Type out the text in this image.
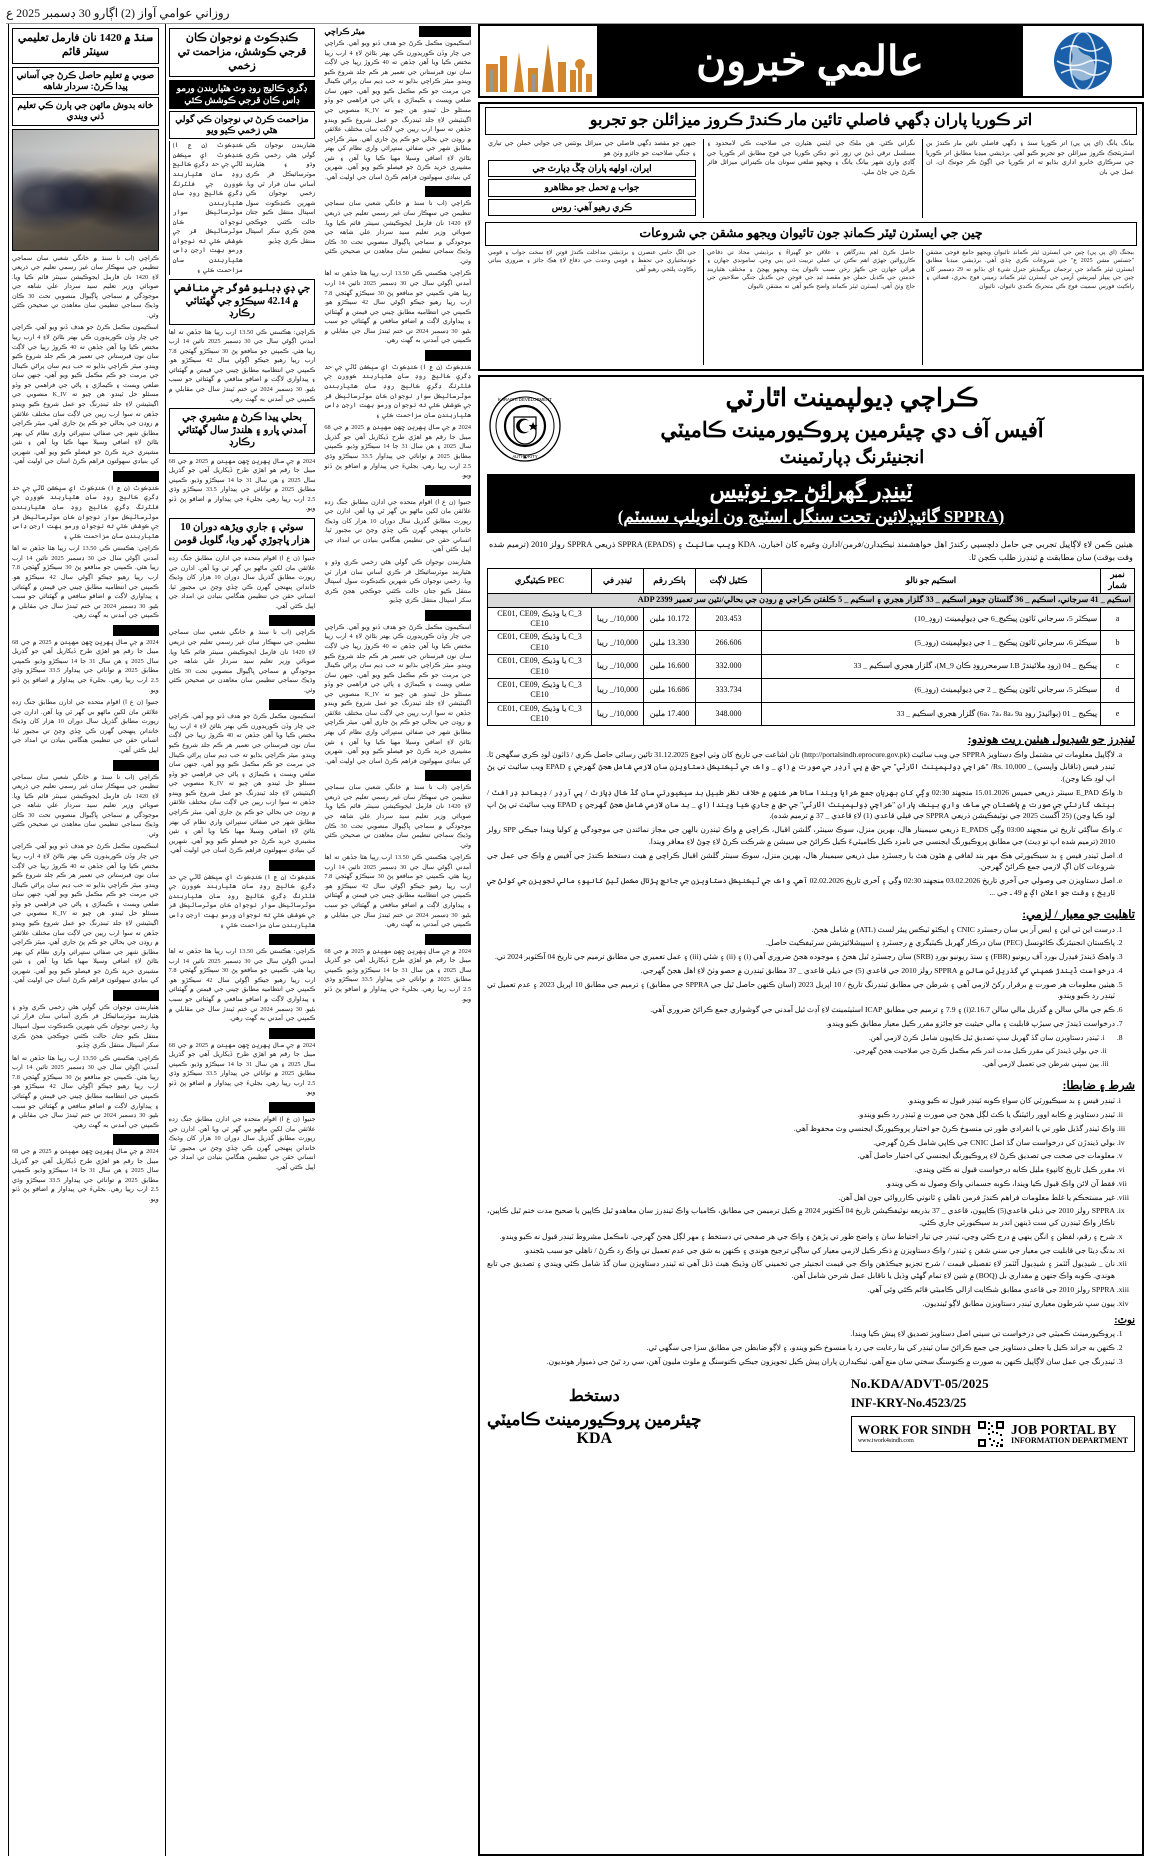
روزاني عوامي آواز (2) اڳارو 30 ڊسمبر 2025 ع
عالمي خبرون
اتر ڪوريا پاران ڊگهي فاصلي تائين مار ڪندڙ ڪروز ميزائلن جو تجربو
بيانگ يانگ (اي پي پي) اتر ڪوريا سنڌ ۽ ڊگهي فاصلي تائين مار ڪندڙ بن اسٽريٽجڪ ڪروز ميزائلن جو تجربو ڪيو آهي. برڌيشي ميڊيا مطابق اتر ڪوريا جي سرڪاري خابرو اداري بڌايو ته اتر ڪوريا جي اڳوڻ ڪر جونڪ ان، ان عمل جي بان
نگراني ڪئي. هن ملڪ جي ايٽمي هٿيارن جي صلاحيت ڪي لامحدود ۽ مسلسل ترقي ڏيڻ تي زور ڏنو. ڊڪن ڪوريا جي فوج مطابق اتر ڪوريا جي ڳاڍي واري شهر بيانگ يانگ ۽ ويجهو ضلعي سونان مان ڪينرائي ميزائل فائر ڪرڻ جي ڄاڻ ملي.
جنهن جو مقصد ڊگهي فاصلي جي ميزائل يونٽس جي جوابي حملن جي تياري ۽ جنگي صلاحيت جو جائزو وٺڻ هو
ايران، اولهه پاران چڱ ڊپارٽ جي
جواب ۾ تحمل جو مظاهرو
ڪري رهيو آهي: روس
چين جي ايسٽرن ٿيٽر ڪمانڊ جون تائيوان ويجهو مشقن جي شروعات
بيجنگ (اي پي پي) چين جي ايسٽرن ٿيٽر ڪمانڊ تائيوان ويجهو جامع فوجي مشقن "جسٽس مشن 2025 ع" جي شروعات ڪري ڇڏي آهي. برڌيشي ميڊيا مطابق ايسٽرن ٿيٽر ڪمانڊ جي ترجمان بريگيڊيئر جنرل شيءِ اي بڌايو ته 29 ڊسمبر کان چين جي پيپلز ليبريشن آرمي جي ايسٽرن ٿيٽر ڪمانڊ زميني فوج بحري، فضائي ۽ راڪيٽ فورس سميت فوج ڪي متحرڪ ڪندي تائيوان، تائيوان
حاصل ڪرڻ اهم بندرگاهن ۽ علاقن جو گهيراءُ ۽ برڌيشي محاذ تي دفاعي ڪارروائين جهڙي اهم نڪتن تي عملي تربيت ڏني ٻني وڃي. سامونڊي جهازن ۽ هرائي جهازن جي ڪهڙ رخن سبب تائيوان پٽ ويجهو پهچڻ ۽ مختلف هٿيارينڊ خدمتن جي ڪڊيل حملن جو مقصد ٿيڊ جي فوجن جي ڪڊيل جنگي صلاحيتن جي جاچ وٺڻ آهي. ايسٽرن ٿيٽر ڪمانڊ واضح ڪيو آهي ته مشقن تائيوان
جي الڳ حامي عنصرن ۽ برڌيشي مداخلت ڪندڙ قوتن لاءِ سخت جواب ۽ قومي خودمختياري جي تحفظ ۽ قومي وحدت جي دفاع لاءِ هڪ جائز ۽ ضروري بنياتي رڪاوٽ پلٽجي رهيو آهي
ڪراچي ڊيولپمينٽ اٿارٽي
آفيس آف دي چيئرمين پروڪيورمينٽ ڪاميٽي
انجنيئرنگ ڊپارٽمينٽ
KARACHI DEVELOPMENT
AUTHORITY
ٽينڊر گهرائڻ جو نوٽيس
(SPPRA گائيڊلائين تحت سنگل اسٽيج ون انويلپ سسٽم)
هيٺين ڪمن لاءِ لاڳاپيل تجربي جي حامل دلچسپي رکندڙ اهل خواهشمند ٺيڪيدارن/فرمن/ادارن وغيره کان اخبارن، KDA ويب سائيٽ ۽ SPPRA (EPADS) ذريعي SPPRA رولز 2010 (ترميم شده وقت بوقت) سان مطابقت ۾ ٽينڊرز طلب ڪجن ٿا.
نمبر شمار	اسڪيم جو نالو	ڪٿيل لاڳت	ٻاڪر رقم	ٽينڊر في	PEC ڪيٽيگري
اسڪيم _ 41 سرجاني، اسڪيم _ 36 گلستان جوهر اسڪيم _ 33 گلزار هجري ۽ اسڪيم _ 5 ڪلفتن ڪراجي ۾ روڊن جي بحالي/نئين سر تعمير ADP 2399					
a	سيڪٽر 5، سرجاني ٽائون پيڪيج_6 جي ڊيولپمينٽ (روڊ_10)	203.453	10.172 ملين	10,000/_ رپيا	C_3 يا وڌيڪ CE01, CE09, CE10
b	سيڪٽر 6، سرجاني ٽائون پيڪيج _ 1 جي ڊيولپمينٽ (روڊ_5)	266.606	13.330 ملين	10,000/_ رپيا	C_3 يا وڌيڪ CE01, CE09, CE10
c	پيڪيج _ 04 (روڊ ملائيندڙ I.B سرمحرروڊ ڪان M_9)، گلزار هجري اسڪيم _ 33	332.000	16.600 ملين	10,000/_ رپيا	C_3 يا وڌيڪ CE01, CE09, CE10
d	سيڪٽر 5، سرجاني ٽائون پيڪيج _ 2 جي ڊيولپمينٽ (روڊ_6)	333.734	16.686 ملين	10,000/_ رپيا	C_3 يا وڌيڪ CE01, CE09, CE10
e	پيڪيج _ 01 (بواٽيدڙ روڊ 6a، 7a، 8a، 9a) گلزار هجري اسڪيم _ 33	348.000	17.400 ملين	10,000/_ رپيا	C_3 يا وڌيڪ CE01, CE09, CE10
ٽينڊرز جو شيڊيول هيٺين ريت هوندو:
a. لاڳاپيل معلومات تي مشتمل واڪ دستاويز SPPRA جي ويب سائيٽ (http://portalsindh.eprocure.gov.pk) تان اشاعت جي تاريخ کان وٺي اڄوع 31.12.2025 تائين رسائي حاصل ڪري / ڏاٺون لوڊ ڪري سگهجن ٿا. ٽينڊر فيس (ناقابل واپسي) _ Rs. 10,000/ "ڪراچي ڊولپمينٽ اٿارٽي" جي حق ۾ پي آرڊر جي صورت ۾ (اي _ واڪ جي ٽيڪنيڪل دستاويزن سان لازمي شامل هجڻ گهرجي ۽ EPAD ويب سائيٽ تي پڻ اپ لوڊ ڪيا وڃن).
b. واڪ E_PAD سينٽر ذريعي خميس 15.01.2026 منجهند 02:30 وڳي کان بهريان جمع ڪرايا ويندا سانا هر ڪنهن ۾ خلاف نظر طبيل بد سيڪيورتي سان گڏ ڪال ڊپازٽ / پي آرڊر / ڊيمانڊ ڊرافٽ / بينڪ گارنٽي جي صورت ۾ پاڪستان جي ساڪ واري بينڪ پاران "ڪراچي ڊولپمينٽ اٿارٽي" جي حق ۾ جاري ڪيا ويندا (اي _ بد سان لازمي شامل هجڻ گهرجن ۽ EPAD ويب سائيٽ تي پڻ اپ لوڊ ڪيا وڃن) (25 آگسٽ 2025 جي نوٽيفڪيشن ذريعي SPPRA جي فيلي قاعدي (1) لاءِ قاعدي _ 37 ۾ ترميم شده).
c. واڪ ساڳئي تاريخ تي منجهند 03:00 وڳي E_PADS ذريعي سيمينار هال، بهرين منزل، سوڪ سينٽر، گلشن اقبال، ڪراچي ۾ واڪ ٽينڊرن بالهن جي مجاز نمائندن جي موجودگي ۾ کوليا ويندا جيڪي SPP رولز 2010 (ترميم شده اپ تو ڊيٽ) جي مطابق پروڪيورنگ ايجنسي جي نامزد ڪيل ڪاميٽيءَ ڪيل ڪرائڻ جي سيشن ۾ شرڪت ڪرڻ لاءِ چوڻ لاءِ معافر ويندا.
d. اصل ٽينڊر فيس ۽ بد سيڪيورٽي هڪ مهر بند لفافي ۾ هٿون هٿ يا رجسٽرڊ ميل ذريعي سيمينار هال، بهرين منزل، سوڪ سينٽر گلشن اقبال ڪراچي ۾ هيٺ دستخط ڪندڙ جي آفيس ۾ واڪ جي عمل جي شروعات کان اڳ لازمي جمع ڪرائڻ گهرجن.
e. اصل دستاويزن جي وصولي جي آخري تاريخ 03.02.2026 منجهند 02:30 وڳي ۽ آخري تاريخ 02.02.2026 آهي. واڪ جي ٽيڪنيڪل دستاويزن جي جانچ پڙتال مڪمل ٿيڻ کانپوءِ مالي تجويزن جي کولڻ جي تاريخ ۽ وقت جو اعلان اڳ ۾ 49 ـ جي ...
تاهليت جو معيار / لزمي:
1. درست اين ٽي اين ۽ ايس آر بي سان رجسٽرڊ CNIC ۽ ايڪٽو ٽيڪس پيئر لسٽ (ATL) ۾ شامل هجڻ.
2. پاڪستان انجنيئرنگ ڪائونسل (PEC) سان درڪار گهربل ڪيٽيگري ۾ رجسٽرڊ ۽ اسپيشلائيزيشن سرٽيفڪيٽ حاصل.
3. واهڪ ڏيندڙ فيڊرل بورڊ آف ريونيو (FBR) ۽ سنڌ ريونيو بورڊ (SRB) سان رجسٽرڊ ٿيل هجڻ ۽ موجوده هجڻ ضروري آهي (i) ۽ (ii) ۽ شئي (iii) ۽ عمل تعميري جي مطابق ترميم جي تاريخ 04 آڪٽوبر 2024 تي.
4. درخواست ڏيندڙ ڪمپني کي گذريل ٽن سالن ۾ SPPRA رولز 2010 جي قاعدي (5) جي ذيلي قاعدي _ 37 مطابق ٽينڊرن ۾ حصو وٺڻ لاءِ اهل هجڻ گهرجي.
5. هيٺين معلومات هر صورت ۾ برقرار رکڻ لازمي آهي ۽ شرطن جي مطابق ٽينڊرنگ تاريخ / 10 اپريل 2023 (اسان ڪنهن حاصل ٿيل جي SPPRA جي مطابق) ۽ ترميم جي مطابق 10 اپريل 2023 ۽ عدم تعميل تي ٽينڊر رد ڪيو ويندو.
6. ڪم جي مالي سالن ۾ گذريل مالي سالن 2.16.7(i) ۽ 7.9 ۽ ترميم جي مطابق ICAP اسٽيٽمينٽ لاءِ آڊٽ ٿيل آمدني جي گوشواري جمع ڪرائڻ ضروري آهي.
7. درخواست ڏيندڙ جي سيڙپ قابليت ۽ مالي حيثيت جو جائزو مقرر ڪيل معيار مطابق ڪيو ويندو.
i. 8. ٽينڊر دستاويزن سان گڏ گهربل سڀ تصديق ٿيل ڪاپيون شامل ڪرڻ لازمي آهن.
ii. جي بولي ڏيندڙ کي مقرر ڪيل مدت اندر ڪم مڪمل ڪرڻ جي صلاحيت هجڻ گهرجي.
iii. ٻين سڀني شرطن جي تعميل لازمي آهي.
شرط ۽ ضابطا:
i. ٽينڊر فيس ۽ بد سيڪيورٽي کان سواءِ ڪوبه ٽينڊر قبول نه ڪيو ويندو.
ii. ٽينڊر دستاويز ۾ ڪابه اوور رائيٽنگ يا ڪٽ لڳل هجڻ جي صورت ۾ ٽينڊر رد ڪيو ويندو.
iii. واڪ ٽينڊر گڏيل طور تي يا انفرادي طور تي منسوخ ڪرڻ جو اختيار پروڪيورنگ ايجنسي وٽ محفوظ آهي.
iv. بولي ڏيندڙن کي درخواست سان گڏ اصل CNIC جي ڪاپي شامل ڪرڻ گهرجي.
v. معلومات جي صحت جي تصديق ڪرڻ لاءِ پروڪيورنگ ايجنسي کي اختيار حاصل آهي.
vi. مقرر ڪيل تاريخ کانپوءِ مليل ڪابه درخواست قبول نه ڪئي ويندي.
vii. فقط آن لائن واڪ قبول ڪيا ويندا، ڪوبه جسماني واڪ وصول نه ڪي ويندو.
viii. غير مستحڪم يا غلط معلومات فراهم ڪندڙ فرمن ناهلي ۽ ٿانوني ڪارروائي جون اهل آهن.
ix. SPPRA رولز 2010 جي ذيلي قاعدي(5) ڪاپيون، قاعدي _ 37 بذريعه نوٽيفڪيشن تاريخ 04 آڪٽوبر 2024 ۾ ڪيل ترميمن جي مطابق، ڪامياب واڪ ٽينڊرز سان معاهدو ٿيل ڪاپين يا صحيح مدت ختم ٿيل ڪاپين، ناڪار واڪ ٽينڊرن کي ست ڏينهن اندر بد سيڪيورٽي جاري ڪئي.
x. شرح ۽ رقم، لفظن ۽ انگن ٻنهي ۾ درج ڪئي وڃي، ٽينڊر جي تيار احتياط سان ۽ واضح طور تي پڙهڻ ۽ واڪ جي هر صفحي تي دستخط ۽ مهر لڳل هجڻ گهرجي. نامڪمل مشروط ٽينڊر قبول نه ڪيو ويندو.
xi. بدنگ ڊيٽا جي قابليت جي معيار جي سني شقن ۽ ٽينڊر / واڪ دستاويزن ۾ ذڪر ڪيل لازمي معيار کي ساڳي ترجيح هوندي ۽ ڪنهن به شق جي عدم تعميل تي واڪ رد ڪرڻ / ناهلي جو سبب بڻجندو.
xii. نان _ شيڊيول آئٽمز ۽ شيڊيول آئٽمز لاءِ تفصيلي قيمت / شرح تجزيو جيڪڏهن واڪ جي قيمت انجنيئر جي تخميني کان وڌيڪ هيٺ ڏنل آهي ته ٽينڊر دستاويزن سان گڏ شامل ڪئي ويندي ۽ تصديق جي تابع هوندي. ڪوبه واڪ جنهن ۾ مقداري بل (BOQ) ۾ شين لاءِ تمام گهڻي وڌيل يا ناقابل عمل شرحن شامل آهن.
xiii. SPPRA رولز 2010 جي قاعدي مطابق شڪايت ازالي ڪاميٽي قائم ڪئي وئي آهي.
xiv. ٻيون سڀ شرطون معياري ٽينڊر دستاويزن مطابق لاڳو ٿينديون.
نوٽ:
1. پروڪيورمينٽ ڪميٽي جي درخواست تي سيني اصل دستاويز تصديق لاءِ پيش ڪيا ويندا.
2. ڪنهن به جراند ڪيل يا جعلي دستاويز جي جمع ڪرائڻ سان ٽينڊر کي بنا رعايت جي رد يا منسوخ ڪيو ويندو، ۽ لاڳو ضابطن جي مطابق سزا جي سگهي ٿي.
3. ٽينڊرنگ جي عمل سان لاڳاپيل ڪنهن به صورت ۾ ڪنوسنگ سختي سان منع آهي. ٺيڪيدارن پاران پيش ڪيل تجويزون جيڪي ڪنوسنگ ۾ ملوث مليون آهن، سي رد ٿيڻ جي ذميوار هونديون.
No.KDA/ADVT-05/2025
INF-KRY-No.4523/25
WORK FOR SINDH
www.iwork4sindh.com
JOB PORTAL BY
INFORMATION DEPARTMENT
دستخط
چيئرمين پروڪيورمينٽ ڪاميٽي
KDA
سنڌ ۾ 1420 نان فارمل تعليمي سينٽر قائم
صوبي ۾ تعليم حاصل ڪرڻ جي آساني پيدا ڪرڻ: سردار شاهه
خانه بدوش مائهن جي ٻارن ڪي تعليم ڏني ويندي
ڪراچي (اب نا سنڌ ۾ خانگي شعبي سان سماجي تنظيمن جي سهڪار سان غير رسمي تعليم جي ذريعي لاءِ 1420 نان فارمل ايجوڪيشن سينٽر قائم ڪيا ويا. صوبائي وزير تعليم سيد سردار علي شاهه جي موجودگي ۾ سماجي ڀاڳيوال منصوبي تحت 30 ڪان وڌيڪ سماجي تنظيمن سان معاهدن تي صحيحن ڪئي وئي.
اسڪيمون مڪمل ڪرڻ جو هدف ڏنو ويو آهي. ڪراچي جي چار وڏن ڪوريڊورن ڪي بهتر بڻائڻ لاءِ 4 ارب رپيا مختص ڪيا ويا آهن جڏهن ته 40 ڪروڙ رپيا جي لاڳت سان نون قبرستانن جي تعمير هر ڪم جلد شروع ڪيو ويندو. ميٿر ڪراچي بڌايو ته حب ڊيم سان پراڻي ڪينال جي مرمت جو ڪم مڪمل ڪيو ويو آهي، جنهن سان ضلعي ويسٽ ۽ ڪيماڙي ۽ پاڻي جي فراهمي جو وڏو مسئلو حل ٿيندو. هن چيو ته K_IV منصوبي جي اگينٽيشن لاءِ جلد ٽينڊرنگ جو عمل شروع ڪيو ويندو جڏهن ته سوا ارب رپين جي لاڳت سان مختلف علائقن ۾ روڊن جي بحالي جو ڪم پڻ جاري آهي. ميٿر ڪراچي مطابق شهر جي صفائي ستڀرائي واري نظام کي بهتر بڻائڻ لاءِ اضافي وسيلا مهيا ڪيا ويا آهن ۽ نئين مشينري خريد ڪرڻ جو فيصلو ڪيو ويو آهي. شهرين کي بنيادي سهولتون فراهم ڪرڻ اسان جي اوليت آهي.
ڪنڊڪوٽ (ن ع ا) ڪنڊڪوٽ اي سيڪشن ٿاڻي جي حد ڊگري ڪاليج روڊ سان هٿياربند ڪوورن جي فلٽرنگ ڊگري ڪاليج روڊ سان هٿياربندن موٽرسائيڪل سوار نوجوان ڪان موٽرسائيڪل قر جي ڪوشش ڪئي ته نوجوان ورمو بهت ارجن ڊاس هٿياربندن سان مزاحمت ڪئي ۽
ڪراچي: هڪستي ڪي 13.50 ارب رپيا هئا جڏهن ته اها آمدني اڳوڻي سال جي 30 ڊسمبر 2025 تائين 14 ارب رپيا هئي. ڪمپني جو منافعو پڻ 30 سيڪڙو گهٽجي 7.8 ارب رپيا رهيو جيڪو اڳوڻي سال 42 سيڪڙو هو. ڪمپني جي انتظاميه مطابق چيني جي قيمتن ۾ گهٽتائي ۽ پيداواري لاڳت ۾ اضافو منافعي ۾ گهٽتائي جو سبب بڻيو. 30 ڊسمبر 2024 تي ختم ٿيندڙ سال جي مقابلي ۾ ڪمپني جي آمدني به گهٽ رهي.
2024 ۾ جي سال پهرين ڇهن مهينن ۾ 2025 ۾ جي 68 ميبل جا رقم هو اهڙي طرح ڏيکاريل آهي جو گذريل سال 2025 ۽ هن سال 31 جا 14 سيڪڙو وڌيو. ڪمپني مطابق 2025 ۾ توانائي جي پيداوار 33.5 سيڪڙو وڌي 2.5 ارب رپيا رهي. بجليءَ جي پيداوار ۾ اضافو پڻ ڏٺو ويو.
جنيوا (ن ع ا) اقوام متحده جي ادارن مطابق جنگ زده علائقن مان لکين ماڻهو بي گهر ٿي ويا آهن. ادارن جي رپورٽ مطابق گذريل سال دوران 10 هزار کان وڌيڪ خاندانن پنهنجي گهرن ڪي ڇڏي وڃڻ تي مجبور ٿيا. انساني حقن جي تنظيمن هنگامي بنيادن تي امداد جي اپيل ڪئي آهي.
ڪراچي (اب نا سنڌ ۾ خانگي شعبي سان سماجي تنظيمن جي سهڪار سان غير رسمي تعليم جي ذريعي لاءِ 1420 نان فارمل ايجوڪيشن سينٽر قائم ڪيا ويا. صوبائي وزير تعليم سيد سردار علي شاهه جي موجودگي ۾ سماجي ڀاڳيوال منصوبي تحت 30 ڪان وڌيڪ سماجي تنظيمن سان معاهدن تي صحيحن ڪئي وئي.
اسڪيمون مڪمل ڪرڻ جو هدف ڏنو ويو آهي. ڪراچي جي چار وڏن ڪوريڊورن ڪي بهتر بڻائڻ لاءِ 4 ارب رپيا مختص ڪيا ويا آهن جڏهن ته 40 ڪروڙ رپيا جي لاڳت سان نون قبرستانن جي تعمير هر ڪم جلد شروع ڪيو ويندو. ميٿر ڪراچي بڌايو ته حب ڊيم سان پراڻي ڪينال جي مرمت جو ڪم مڪمل ڪيو ويو آهي، جنهن سان ضلعي ويسٽ ۽ ڪيماڙي ۽ پاڻي جي فراهمي جو وڏو مسئلو حل ٿيندو. هن چيو ته K_IV منصوبي جي اگينٽيشن لاءِ جلد ٽينڊرنگ جو عمل شروع ڪيو ويندو جڏهن ته سوا ارب رپين جي لاڳت سان مختلف علائقن ۾ روڊن جي بحالي جو ڪم پڻ جاري آهي. ميٿر ڪراچي مطابق شهر جي صفائي ستڀرائي واري نظام کي بهتر بڻائڻ لاءِ اضافي وسيلا مهيا ڪيا ويا آهن ۽ نئين مشينري خريد ڪرڻ جو فيصلو ڪيو ويو آهي. شهرين کي بنيادي سهولتون فراهم ڪرڻ اسان جي اوليت آهي.
هٿياربندن نوجوان ڪي گولي هڻي زخمي ڪري وڌو ۽ هٿياربند موٽرسائيڪل قر ڪري آساني سان فرار ٿي ويا. زخمي نوجوان ڪي شهرين ڪنڊڪوٽ سول اسپتال منتقل ڪيو جتان حالت ڪٿني جوڪجي هجڻ ڪري سکر اسپتال منتقل ڪري ڇڏيو.
ڪراچي: هڪستي ڪي 13.50 ارب رپيا هئا جڏهن ته اها آمدني اڳوڻي سال جي 30 ڊسمبر 2025 تائين 14 ارب رپيا هئي. ڪمپني جو منافعو پڻ 30 سيڪڙو گهٽجي 7.8 ارب رپيا رهيو جيڪو اڳوڻي سال 42 سيڪڙو هو. ڪمپني جي انتظاميه مطابق چيني جي قيمتن ۾ گهٽتائي ۽ پيداواري لاڳت ۾ اضافو منافعي ۾ گهٽتائي جو سبب بڻيو. 30 ڊسمبر 2024 تي ختم ٿيندڙ سال جي مقابلي ۾ ڪمپني جي آمدني به گهٽ رهي.
2024 ۾ جي سال پهرين ڇهن مهينن ۾ 2025 ۾ جي 68 ميبل جا رقم هو اهڙي طرح ڏيکاريل آهي جو گذريل سال 2025 ۽ هن سال 31 جا 14 سيڪڙو وڌيو. ڪمپني مطابق 2025 ۾ توانائي جي پيداوار 33.5 سيڪڙو وڌي 2.5 ارب رپيا رهي. بجليءَ جي پيداوار ۾ اضافو پڻ ڏٺو ويو.
ڪنڊڪوٽ ۾ نوجوان ڪان قرجي ڪوشش، مزاحمت تي زخمي
ڊگري ڪاليج روڊ وٽ هٿياربندن ورمو ڊاس ڪان قرجي ڪوشش ڪئي
مزاحمت ڪرڻ تي نوجوان ڪي گولي هڻي زخمي ڪيو ويو
ڪنڊڪوٽ (ن ع ا) ڪنڊڪوٽ اي سيڪشن ٿاڻي جي حد ڊگري ڪاليج روڊ سان هٿياربند ڪوورن جي فلٽرنگ ڊگري ڪاليج روڊ سان هٿياربندن موٽرسائيڪل سوار نوجوان ڪان موٽرسائيڪل قر جي ڪوشش ڪئي ته نوجوان ورمو بهت ارجن ڊاس هٿياربندن سان مزاحمت ڪئي ۽
هٿياربندن نوجوان ڪي گولي هڻي زخمي ڪري وڌو ۽ هٿياربند موٽرسائيڪل قر ڪري آساني سان فرار ٿي ويا. زخمي نوجوان ڪي شهرين ڪنڊڪوٽ سول اسپتال منتقل ڪيو جتان حالت ڪٿني جوڪجي هجڻ ڪري سکر اسپتال منتقل ڪري ڇڏيو.
جي ڊي ڊبليو شوگر جي منافعي ۾ 42.14 سيڪڙو جي گهٽتائي رڪارڊ
ڪراچي: هڪستي ڪي 13.50 ارب رپيا هئا جڏهن ته اها آمدني اڳوڻي سال جي 30 ڊسمبر 2025 تائين 14 ارب رپيا هئي. ڪمپني جو منافعو پڻ 30 سيڪڙو گهٽجي 7.8 ارب رپيا رهيو جيڪو اڳوڻي سال 42 سيڪڙو هو. ڪمپني جي انتظاميه مطابق چيني جي قيمتن ۾ گهٽتائي ۽ پيداواري لاڳت ۾ اضافو منافعي ۾ گهٽتائي جو سبب بڻيو. 30 ڊسمبر 2024 تي ختم ٿيندڙ سال جي مقابلي ۾ ڪمپني جي آمدني به گهٽ رهي.
بحلي پيدا ڪرڻ ۾ مشيري جي آمدني ڀارو ۽ هلندڙ سال گهٽتائي رڪارڊ
2024 ۾ جي سال پهرين ڇهن مهينن ۾ 2025 ۾ جي 68 ميبل جا رقم هو اهڙي طرح ڏيکاريل آهي جو گذريل سال 2025 ۽ هن سال 31 جا 14 سيڪڙو وڌيو. ڪمپني مطابق 2025 ۾ توانائي جي پيداوار 33.5 سيڪڙو وڌي 2.5 ارب رپيا رهي. بجليءَ جي پيداوار ۾ اضافو پڻ ڏٺو ويو.
سوئي ۽ جاري ويڙهه دوران 10 هزار ڀاڄوڙي گهر ويا، گلوبل قومن
جنيوا (ن ع ا) اقوام متحده جي ادارن مطابق جنگ زده علائقن مان لکين ماڻهو بي گهر ٿي ويا آهن. ادارن جي رپورٽ مطابق گذريل سال دوران 10 هزار کان وڌيڪ خاندانن پنهنجي گهرن ڪي ڇڏي وڃڻ تي مجبور ٿيا. انساني حقن جي تنظيمن هنگامي بنيادن تي امداد جي اپيل ڪئي آهي.
ڪراچي (اب نا سنڌ ۾ خانگي شعبي سان سماجي تنظيمن جي سهڪار سان غير رسمي تعليم جي ذريعي لاءِ 1420 نان فارمل ايجوڪيشن سينٽر قائم ڪيا ويا. صوبائي وزير تعليم سيد سردار علي شاهه جي موجودگي ۾ سماجي ڀاڳيوال منصوبي تحت 30 ڪان وڌيڪ سماجي تنظيمن سان معاهدن تي صحيحن ڪئي وئي.
اسڪيمون مڪمل ڪرڻ جو هدف ڏنو ويو آهي. ڪراچي جي چار وڏن ڪوريڊورن ڪي بهتر بڻائڻ لاءِ 4 ارب رپيا مختص ڪيا ويا آهن جڏهن ته 40 ڪروڙ رپيا جي لاڳت سان نون قبرستانن جي تعمير هر ڪم جلد شروع ڪيو ويندو. ميٿر ڪراچي بڌايو ته حب ڊيم سان پراڻي ڪينال جي مرمت جو ڪم مڪمل ڪيو ويو آهي، جنهن سان ضلعي ويسٽ ۽ ڪيماڙي ۽ پاڻي جي فراهمي جو وڏو مسئلو حل ٿيندو. هن چيو ته K_IV منصوبي جي اگينٽيشن لاءِ جلد ٽينڊرنگ جو عمل شروع ڪيو ويندو جڏهن ته سوا ارب رپين جي لاڳت سان مختلف علائقن ۾ روڊن جي بحالي جو ڪم پڻ جاري آهي. ميٿر ڪراچي مطابق شهر جي صفائي ستڀرائي واري نظام کي بهتر بڻائڻ لاءِ اضافي وسيلا مهيا ڪيا ويا آهن ۽ نئين مشينري خريد ڪرڻ جو فيصلو ڪيو ويو آهي. شهرين کي بنيادي سهولتون فراهم ڪرڻ اسان جي اوليت آهي.
ڪنڊڪوٽ (ن ع ا) ڪنڊڪوٽ اي سيڪشن ٿاڻي جي حد ڊگري ڪاليج روڊ سان هٿياربند ڪوورن جي فلٽرنگ ڊگري ڪاليج روڊ سان هٿياربندن موٽرسائيڪل سوار نوجوان ڪان موٽرسائيڪل قر جي ڪوشش ڪئي ته نوجوان ورمو بهت ارجن ڊاس هٿياربندن سان مزاحمت ڪئي ۽
ڪراچي: هڪستي ڪي 13.50 ارب رپيا هئا جڏهن ته اها آمدني اڳوڻي سال جي 30 ڊسمبر 2025 تائين 14 ارب رپيا هئي. ڪمپني جو منافعو پڻ 30 سيڪڙو گهٽجي 7.8 ارب رپيا رهيو جيڪو اڳوڻي سال 42 سيڪڙو هو. ڪمپني جي انتظاميه مطابق چيني جي قيمتن ۾ گهٽتائي ۽ پيداواري لاڳت ۾ اضافو منافعي ۾ گهٽتائي جو سبب بڻيو. 30 ڊسمبر 2024 تي ختم ٿيندڙ سال جي مقابلي ۾ ڪمپني جي آمدني به گهٽ رهي.
2024 ۾ جي سال پهرين ڇهن مهينن ۾ 2025 ۾ جي 68 ميبل جا رقم هو اهڙي طرح ڏيکاريل آهي جو گذريل سال 2025 ۽ هن سال 31 جا 14 سيڪڙو وڌيو. ڪمپني مطابق 2025 ۾ توانائي جي پيداوار 33.5 سيڪڙو وڌي 2.5 ارب رپيا رهي. بجليءَ جي پيداوار ۾ اضافو پڻ ڏٺو ويو.
جنيوا (ن ع ا) اقوام متحده جي ادارن مطابق جنگ زده علائقن مان لکين ماڻهو بي گهر ٿي ويا آهن. ادارن جي رپورٽ مطابق گذريل سال دوران 10 هزار کان وڌيڪ خاندانن پنهنجي گهرن ڪي ڇڏي وڃڻ تي مجبور ٿيا. انساني حقن جي تنظيمن هنگامي بنيادن تي امداد جي اپيل ڪئي آهي.
ميٿر ڪراچي
اسڪيمون مڪمل ڪرڻ جو هدف ڏنو ويو آهي. ڪراچي جي چار وڏن ڪوريڊورن ڪي بهتر بڻائڻ لاءِ 4 ارب رپيا مختص ڪيا ويا آهن جڏهن ته 40 ڪروڙ رپيا جي لاڳت سان نون قبرستانن جي تعمير هر ڪم جلد شروع ڪيو ويندو. ميٿر ڪراچي بڌايو ته حب ڊيم سان پراڻي ڪينال جي مرمت جو ڪم مڪمل ڪيو ويو آهي، جنهن سان ضلعي ويسٽ ۽ ڪيماڙي ۽ پاڻي جي فراهمي جو وڏو مسئلو حل ٿيندو. هن چيو ته K_IV منصوبي جي اگينٽيشن لاءِ جلد ٽينڊرنگ جو عمل شروع ڪيو ويندو جڏهن ته سوا ارب رپين جي لاڳت سان مختلف علائقن ۾ روڊن جي بحالي جو ڪم پڻ جاري آهي. ميٿر ڪراچي مطابق شهر جي صفائي ستڀرائي واري نظام کي بهتر بڻائڻ لاءِ اضافي وسيلا مهيا ڪيا ويا آهن ۽ نئين مشينري خريد ڪرڻ جو فيصلو ڪيو ويو آهي. شهرين کي بنيادي سهولتون فراهم ڪرڻ اسان جي اوليت آهي.
ڪراچي (اب نا سنڌ ۾ خانگي شعبي سان سماجي تنظيمن جي سهڪار سان غير رسمي تعليم جي ذريعي لاءِ 1420 نان فارمل ايجوڪيشن سينٽر قائم ڪيا ويا. صوبائي وزير تعليم سيد سردار علي شاهه جي موجودگي ۾ سماجي ڀاڳيوال منصوبي تحت 30 ڪان وڌيڪ سماجي تنظيمن سان معاهدن تي صحيحن ڪئي وئي.
ڪراچي: هڪستي ڪي 13.50 ارب رپيا هئا جڏهن ته اها آمدني اڳوڻي سال جي 30 ڊسمبر 2025 تائين 14 ارب رپيا هئي. ڪمپني جو منافعو پڻ 30 سيڪڙو گهٽجي 7.8 ارب رپيا رهيو جيڪو اڳوڻي سال 42 سيڪڙو هو. ڪمپني جي انتظاميه مطابق چيني جي قيمتن ۾ گهٽتائي ۽ پيداواري لاڳت ۾ اضافو منافعي ۾ گهٽتائي جو سبب بڻيو. 30 ڊسمبر 2024 تي ختم ٿيندڙ سال جي مقابلي ۾ ڪمپني جي آمدني به گهٽ رهي.
ڪنڊڪوٽ (ن ع ا) ڪنڊڪوٽ اي سيڪشن ٿاڻي جي حد ڊگري ڪاليج روڊ سان هٿياربند ڪوورن جي فلٽرنگ ڊگري ڪاليج روڊ سان هٿياربندن موٽرسائيڪل سوار نوجوان ڪان موٽرسائيڪل قر جي ڪوشش ڪئي ته نوجوان ورمو بهت ارجن ڊاس هٿياربندن سان مزاحمت ڪئي ۽
2024 ۾ جي سال پهرين ڇهن مهينن ۾ 2025 ۾ جي 68 ميبل جا رقم هو اهڙي طرح ڏيکاريل آهي جو گذريل سال 2025 ۽ هن سال 31 جا 14 سيڪڙو وڌيو. ڪمپني مطابق 2025 ۾ توانائي جي پيداوار 33.5 سيڪڙو وڌي 2.5 ارب رپيا رهي. بجليءَ جي پيداوار ۾ اضافو پڻ ڏٺو ويو.
جنيوا (ن ع ا) اقوام متحده جي ادارن مطابق جنگ زده علائقن مان لکين ماڻهو بي گهر ٿي ويا آهن. ادارن جي رپورٽ مطابق گذريل سال دوران 10 هزار کان وڌيڪ خاندانن پنهنجي گهرن ڪي ڇڏي وڃڻ تي مجبور ٿيا. انساني حقن جي تنظيمن هنگامي بنيادن تي امداد جي اپيل ڪئي آهي.
هٿياربندن نوجوان ڪي گولي هڻي زخمي ڪري وڌو ۽ هٿياربند موٽرسائيڪل قر ڪري آساني سان فرار ٿي ويا. زخمي نوجوان ڪي شهرين ڪنڊڪوٽ سول اسپتال منتقل ڪيو جتان حالت ڪٿني جوڪجي هجڻ ڪري سکر اسپتال منتقل ڪري ڇڏيو.
اسڪيمون مڪمل ڪرڻ جو هدف ڏنو ويو آهي. ڪراچي جي چار وڏن ڪوريڊورن ڪي بهتر بڻائڻ لاءِ 4 ارب رپيا مختص ڪيا ويا آهن جڏهن ته 40 ڪروڙ رپيا جي لاڳت سان نون قبرستانن جي تعمير هر ڪم جلد شروع ڪيو ويندو. ميٿر ڪراچي بڌايو ته حب ڊيم سان پراڻي ڪينال جي مرمت جو ڪم مڪمل ڪيو ويو آهي، جنهن سان ضلعي ويسٽ ۽ ڪيماڙي ۽ پاڻي جي فراهمي جو وڏو مسئلو حل ٿيندو. هن چيو ته K_IV منصوبي جي اگينٽيشن لاءِ جلد ٽينڊرنگ جو عمل شروع ڪيو ويندو جڏهن ته سوا ارب رپين جي لاڳت سان مختلف علائقن ۾ روڊن جي بحالي جو ڪم پڻ جاري آهي. ميٿر ڪراچي مطابق شهر جي صفائي ستڀرائي واري نظام کي بهتر بڻائڻ لاءِ اضافي وسيلا مهيا ڪيا ويا آهن ۽ نئين مشينري خريد ڪرڻ جو فيصلو ڪيو ويو آهي. شهرين کي بنيادي سهولتون فراهم ڪرڻ اسان جي اوليت آهي.
ڪراچي (اب نا سنڌ ۾ خانگي شعبي سان سماجي تنظيمن جي سهڪار سان غير رسمي تعليم جي ذريعي لاءِ 1420 نان فارمل ايجوڪيشن سينٽر قائم ڪيا ويا. صوبائي وزير تعليم سيد سردار علي شاهه جي موجودگي ۾ سماجي ڀاڳيوال منصوبي تحت 30 ڪان وڌيڪ سماجي تنظيمن سان معاهدن تي صحيحن ڪئي وئي.
ڪراچي: هڪستي ڪي 13.50 ارب رپيا هئا جڏهن ته اها آمدني اڳوڻي سال جي 30 ڊسمبر 2025 تائين 14 ارب رپيا هئي. ڪمپني جو منافعو پڻ 30 سيڪڙو گهٽجي 7.8 ارب رپيا رهيو جيڪو اڳوڻي سال 42 سيڪڙو هو. ڪمپني جي انتظاميه مطابق چيني جي قيمتن ۾ گهٽتائي ۽ پيداواري لاڳت ۾ اضافو منافعي ۾ گهٽتائي جو سبب بڻيو. 30 ڊسمبر 2024 تي ختم ٿيندڙ سال جي مقابلي ۾ ڪمپني جي آمدني به گهٽ رهي.
2024 ۾ جي سال پهرين ڇهن مهينن ۾ 2025 ۾ جي 68 ميبل جا رقم هو اهڙي طرح ڏيکاريل آهي جو گذريل سال 2025 ۽ هن سال 31 جا 14 سيڪڙو وڌيو. ڪمپني مطابق 2025 ۾ توانائي جي پيداوار 33.5 سيڪڙو وڌي 2.5 ارب رپيا رهي. بجليءَ جي پيداوار ۾ اضافو پڻ ڏٺو ويو.
